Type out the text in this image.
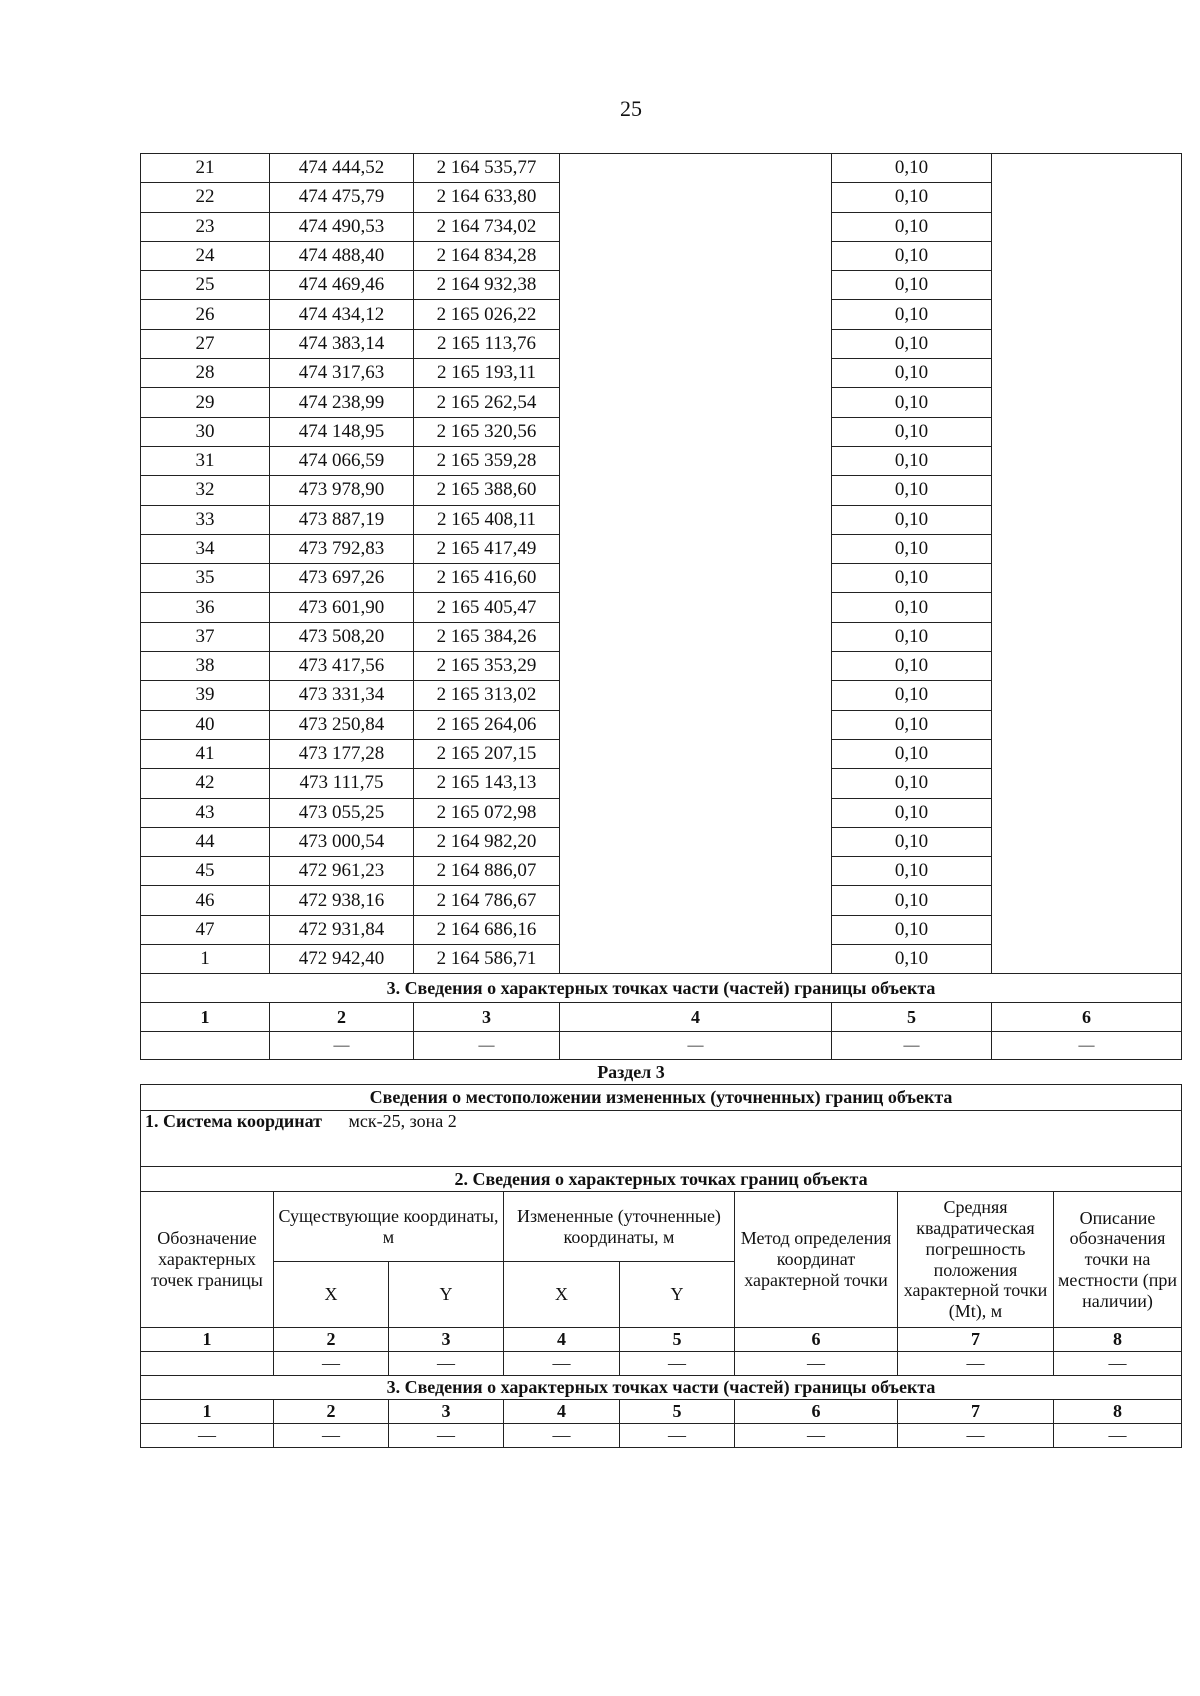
25
21	474 444,52	2 164 535,77		0,10	
22	474 475,79	2 164 633,80		0,10	
23	474 490,53	2 164 734,02		0,10	
24	474 488,40	2 164 834,28		0,10	
25	474 469,46	2 164 932,38		0,10	
26	474 434,12	2 165 026,22		0,10	
27	474 383,14	2 165 113,76		0,10	
28	474 317,63	2 165 193,11		0,10	
29	474 238,99	2 165 262,54		0,10	
30	474 148,95	2 165 320,56		0,10	
31	474 066,59	2 165 359,28		0,10	
32	473 978,90	2 165 388,60		0,10	
33	473 887,19	2 165 408,11		0,10	
34	473 792,83	2 165 417,49		0,10	
35	473 697,26	2 165 416,60		0,10	
36	473 601,90	2 165 405,47		0,10	
37	473 508,20	2 165 384,26		0,10	
38	473 417,56	2 165 353,29		0,10	
39	473 331,34	2 165 313,02		0,10	
40	473 250,84	2 165 264,06		0,10	
41	473 177,28	2 165 207,15		0,10	
42	473 111,75	2 165 143,13		0,10	
43	473 055,25	2 165 072,98		0,10	
44	473 000,54	2 164 982,20		0,10	
45	472 961,23	2 164 886,07		0,10	
46	472 938,16	2 164 786,67		0,10	
47	472 931,84	2 164 686,16		0,10	
1	472 942,40	2 164 586,71		0,10	
3. Сведения о характерных точках части (частей) границы объекта					
1	2	3	4	5	6
	—	—	—	—	—
Раздел 3
Сведения о местоположении измененных (уточненных) границ объекта							
1. Система координат мск-25, зона 2							
2. Сведения о характерных точках границ объекта							
Обозначение характерных точек границы	Существующие координаты, м		Измененные (уточненные) координаты, м		Метод определения координат характерной точки	Средняя квадратическая погрешность положения характерной точки (Mt), м	Описание обозначения точки на местности (при наличии)
	X	Y	X	Y			
1	2	3	4	5	6	7	8
	—	—	—	—	—	—	—
3. Сведения о характерных точках части (частей) границы объекта							
1	2	3	4	5	6	7	8
—	—	—	—	—	—	—	—
